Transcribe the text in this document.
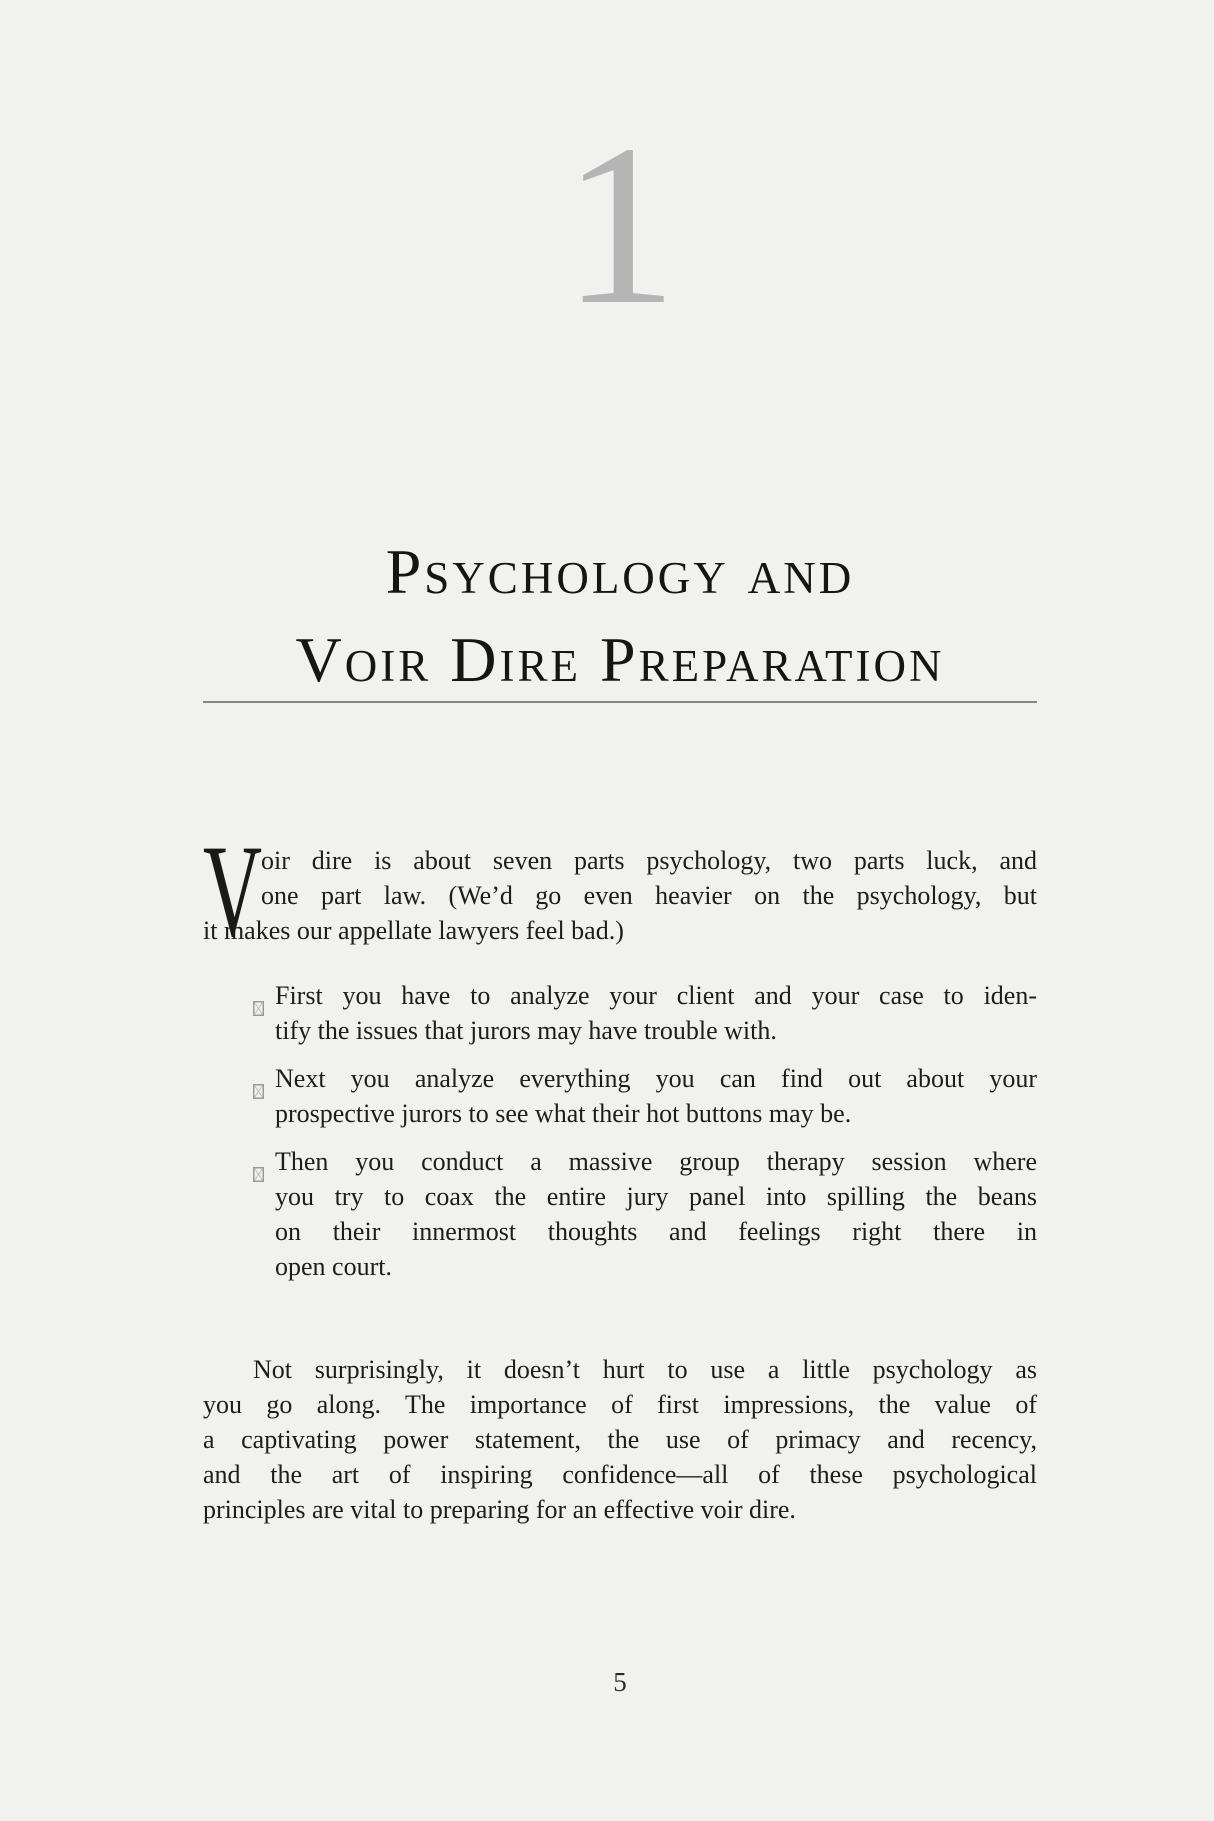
1
Psychology and
Voir Dire Preparation
V
oir dire is about seven parts psychology, two parts luck, and
one part law. (We’d go even heavier on the psychology, but
it makes our appellate lawyers feel bad.)
First you have to analyze your client and your case to iden-
tify the issues that jurors may have trouble with.
Next you analyze everything you can find out about your
prospective jurors to see what their hot buttons may be.
Then you conduct a massive group therapy session where
you try to coax the entire jury panel into spilling the beans
on their innermost thoughts and feelings right there in
open court.
Not surprisingly, it doesn’t hurt to use a little psychology as
you go along. The importance of first impressions, the value of
a captivating power statement, the use of primacy and recency,
and the art of inspiring confidence—all of these psychological
principles are vital to preparing for an effective voir dire.
5
